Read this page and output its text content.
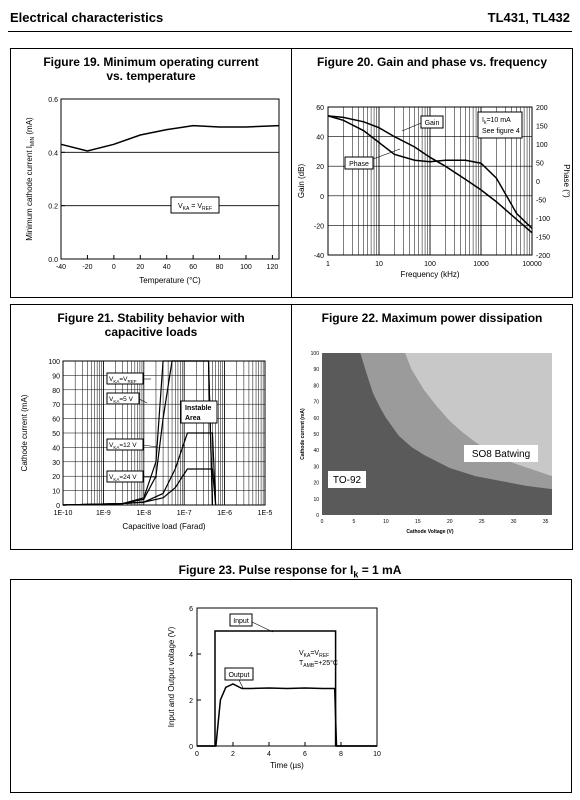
Electrical characteristics	TL431, TL432
Figure 19. Minimum operating current vs. temperature
0.0
0.2
0.4
0.6
-40 -20	0	20	40	60	80 100 120
Temperature (°C)
Minimum cathode current $I_{MIN}$ (mA)
$V_{KA} = V_{REF}$
Figure 20. Gain and phase vs. frequency
-40
-20
0
20
40
60
-200
-150
-100
-50
0
50
100
150
200
1	10	100	1000	10000
Frequency (kHz)
Gain (dB)	Phase (°)
Gain
Phase
$I_k=10$ mA
See figure 4
Figure 21. Stability behavior with capacitive loads
0
10
20
30
40
50
60
70
80
90
100
1E-10	1E-9	1E-8	1E-7	1E-6	1E-5
Capacitive load (Farad)
Cathode current (mA)
$V_{KA}=V_{REF}$
$V_{KA}=5$ V
$V_{KA}=12$ V
$V_{KA}=24$ V
Instable
Area
Figure 22. Maximum power dissipation
0
10
20
30
40
50
60
70
80
90
100
0	5	10	15	20	25	30	35
Cathode Voltage (V)
Cathode current (mA)	SO8 Batwing
TO-92
Figure 23. Pulse response for $I_k = 1$ mA
0
2
4
6
0	2	4	6	8	10
Time (µs)
Input and Output voltage (V)
Input
Output
$V_{KA}=V_{REF}$
$T_{AMB}=+25^\circ C$
